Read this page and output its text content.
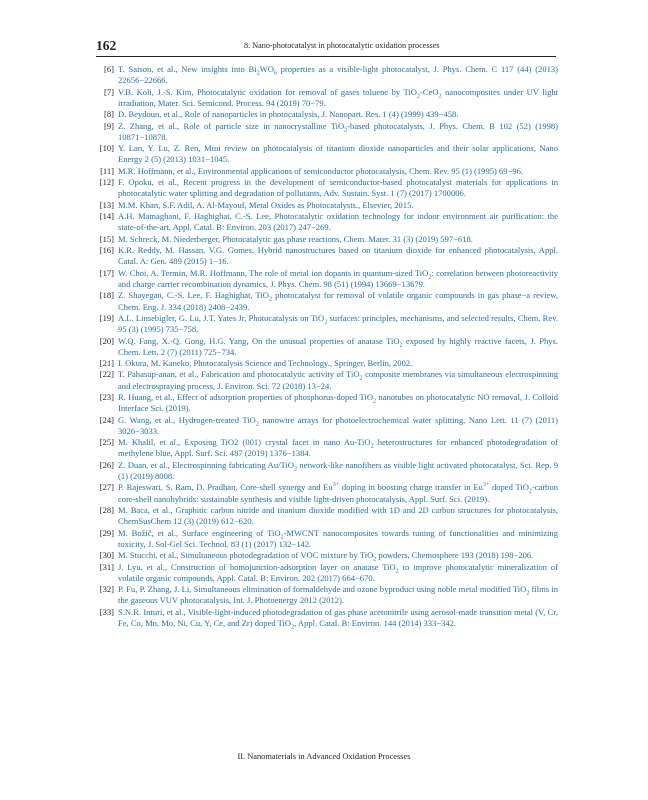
162	8. Nano-photocatalyst in photocatalytic oxidation processes
[6] T. Saison, et al., New insights into $Bi_2WO_6$ properties as a visible-light photocatalyst, J. Phys. Chem. C 117 (44) (2013) 22656−22666.
[7] V.B. Koli, J.-S. Kim, Photocatalytic oxidation for removal of gases toluene by TiO$_2$-CeO$_2$ nanocomposites under UV light irradiation, Mater. Sci. Semicond. Process. 94 (2019) 70−79.
[8] D. Beydoun, et al., Role of nanoparticles in photocatalysis, J. Nanopart. Res. 1 (4) (1999) 439−458.
[9] Z. Zhang, et al., Role of particle size in nanocrystalline TiO$_2$-based photocatalysts, J. Phys. Chem. B 102 (52) (1998) 10871−10878.
[10] Y. Lan, Y. Lu, Z. Ren, Mini review on photocatalysis of titanium dioxide nanoparticles and their solar applications, Nano Energy 2 (5) (2013) 1031−1045.
[11] M.R. Hoffmann, et al., Environmental applications of semiconductor photocatalysis, Chem. Rev. 95 (1) (1995) 69−96.
[12] F. Opoku, et al., Recent progress in the development of semiconductor-based photocatalyst materials for applications in photocatalytic water splitting and degradation of pollutants, Adv. Sustain. Syst. 1 (7) (2017) 1700006.
[13] M.M. Khan, S.F. Adil, A. Al-Mayouf, Metal Oxides as Photocatalysts., Elsevier, 2015.
[14] A.H. Mamaghani, F. Haghighat, C.-S. Lee, Photocatalytic oxidation technology for indoor environment air purification: the state-of-the-art, Appl. Catal. B: Environ. 203 (2017) 247−269.
[15] M. Schreck, M. Niederberger, Photocatalytic gas phase reactions, Chem. Mater. 31 (3) (2019) 597−618.
[16] K.R. Reddy, M. Hassan, V.G. Gomes, Hybrid nanostructures based on titanium dioxide for enhanced photocatalysis, Appl. Catal. A: Gen. 489 (2015) 1−16.
[17] W. Choi, A. Termin, M.R. Hoffmann, The role of metal ion dopants in quantum-sized TiO$_2$: correlation between photoreactivity and charge carrier recombination dynamics, J. Phys. Chem. 98 (51) (1994) 13669−13679.
[18] Z. Shayegan, C.-S. Lee, F. Haghighat, TiO$_2$ photocatalyst for removal of volatile organic compounds in gas phase−a review, Chem. Eng. J. 334 (2018) 2408−2439.
[19] A.L. Linsebigler, G. Lu, J.T. Yates Jr, Photocatalysis on TiO$_2$ surfaces: principles, mechanisms, and selected results, Chem. Rev. 95 (3) (1995) 735−758.
[20] W.Q. Fang, X.-Q. Gong, H.G. Yang, On the unusual properties of anatase TiO$_2$ exposed by highly reactive facets, J. Phys. Chem. Lett. 2 (7) (2011) 725−734.
[21] I. Okura, M. Kaneko, Photocatalysis Science and Technology., Springer, Berlin, 2002.
[22] T. Pahasup-anan, et al., Fabrication and photocatalytic activity of TiO$_2$ composite membranes via simultaneous electrospinning and electrospraying process, J. Environ. Sci. 72 (2018) 13−24.
[23] R. Huang, et al., Effect of adsorption properties of phosphorus-doped TiO$_2$ nanotubes on photocatalytic NO removal, J. Colloid Interface Sci. (2019).
[24] G. Wang, et al., Hydrogen-treated TiO$_2$ nanowire arrays for photoelectrochemical water splitting, Nano Lett. 11 (7) (2011) 3026−3033.
[25] M. Khalil, et al., Exposing TiO2 (001) crystal facet in nano Au-TiO$_2$ heterostructures for enhanced photodegradation of methylene blue, Appl. Surf. Sci. 487 (2019) 1376−1384.
[26] Z. Duan, et al., Electrospinning fabricating Au/TiO$_2$ network-like nanofibers as visible light activated photocatalyst, Sci. Rep. 9 (1) (2019) 8008.
[27] P. Rajeswari, S. Ram, D. Pradhan, Core-shell synergy and $Eu^{3+}$ doping in boosting charge transfer in $Eu^{3+}$ doped TiO$_2$-carbon core-shell nanohybrids: sustainable synthesis and visible light-driven photocatalysis, Appl. Surf. Sci. (2019).
[28] M. Baca, et al., Graphitic carbon nitride and titanium dioxide modified with 1D and 2D carbon structures for photocatalysis, ChemSusChem 12 (3) (2019) 612−620.
[29] M. Božič, et al., Surface engineering of TiO$_2$-MWCNT nanocomposites towards tuning of functionalities and minimizing toxicity, J. Sol-Gel Sci. Technol. 83 (1) (2017) 132−142.
[30] M. Stucchi, et al., Simultaneous photodegradation of VOC mixture by TiO$_2$ powders, Chemosphere 193 (2018) 198−206.
[31] J. Lyu, et al., Construction of homojunction-adsorption layer on anatase TiO$_2$ to improve photocatalytic mineralization of volatile organic compounds, Appl. Catal. B: Environ. 202 (2017) 664−670.
[32] P. Fu, P. Zhang, J. Li, Simultaneous elimination of formaldehyde and ozone byproduct using noble metal modified TiO$_2$ films in the gaseous VUV photocatalysis, Int. J. Photoenergy 2012 (2012).
[33] S.N.R. Inturi, et al., Visible-light-induced photodegradation of gas phase acetonitrile using aerosol-made transition metal (V, Cr, Fe, Co, Mn, Mo, Ni, Cu, Y, Ce, and Zr) doped TiO$_2$, Appl. Catal. B: Environ. 144 (2014) 333−342.
II. Nanomaterials in Advanced Oxidation Processes
